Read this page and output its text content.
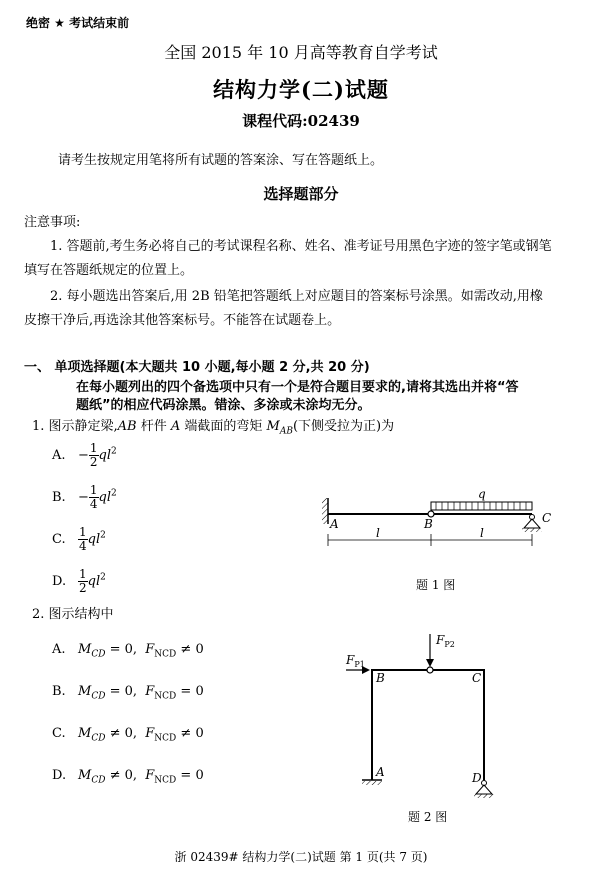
绝密 ★ 考试结束前
全国 2015 年 10 月高等教育自学考试
结构力学(二)试题
课程代码:02439
请考生按规定用笔将所有试题的答案涂、写在答题纸上。
选择题部分
注意事项:
1. 答题前,考生务必将自己的考试课程名称、姓名、准考证号用黑色字迹的签字笔或钢笔
填写在答题纸规定的位置上。
2. 每小题选出答案后,用 2B 铅笔把答题纸上对应题目的答案标号涂黑。如需改动,用橡
皮擦干净后,再选涂其他答案标号。不能答在试题卷上。
一、 单项选择题(本大题共 10 小题,每小题 2 分,共 20 分)
在每小题列出的四个备选项中只有一个是符合题目要求的,请将其选出并将“答
题纸”的相应代码涂黑。错涂、多涂或未涂均无分。
1. 图示静定梁,AB 杆件 A 端截面的弯矩 $M_{AB}$(下侧受拉为正)为
A. − $\frac{1}{2} ql^2$
B. − $\frac{1}{4} ql^2$
C. $\frac{1}{4} ql^2$
D. $\frac{1}{2} ql^2$
q
A	B	C
l	l
题 1 图
2. 图示结构中
A. $M_{CD} = 0$,  $F_{NCD} \ne 0$
B. $M_{CD} = 0$,  $F_{NCD} = 0$
C. $M_{CD} \ne 0$,  $F_{NCD} \ne 0$
D. $M_{CD} \ne 0$,  $F_{NCD} = 0$
$F_{P2}$
$F_{P1}$
B	C
A	D
题 2 图
浙 02439# 结构力学(二)试题 第 1 页(共 7 页)
